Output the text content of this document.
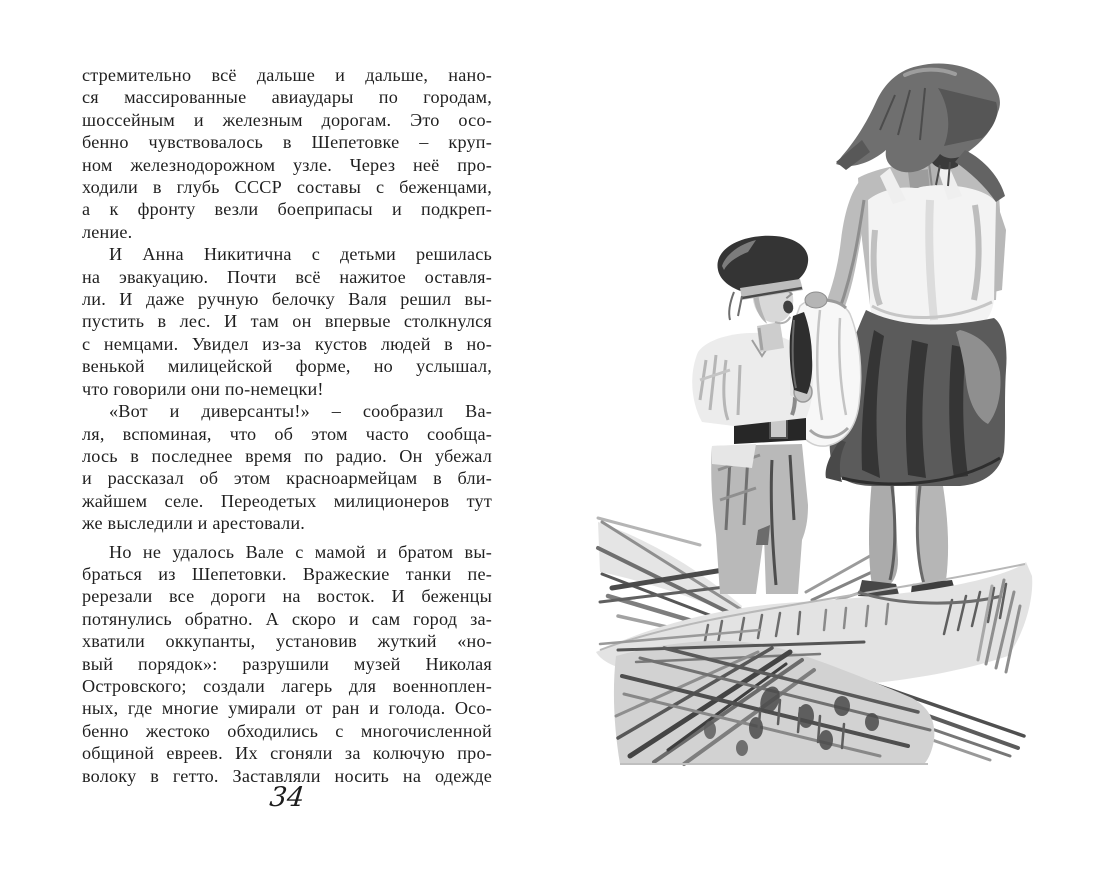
стремительно всё дальше и дальше, нано-
ся массированные авиаудары по городам,
шоссейным и железным дорогам. Это осо-
бенно чувствовалось в Шепетовке – круп-
ном железнодорожном узле. Через неё про-
ходили в глубь СССР составы с беженцами,
а к фронту везли боеприпасы и подкреп-
ление.
И Анна Никитична с детьми решилась
на эвакуацию. Почти всё нажитое оставля-
ли. И даже ручную белочку Валя решил вы-
пустить в лес. И там он впервые столкнулся
с немцами. Увидел из-за кустов людей в но-
венькой милицейской форме, но услышал,
что говорили они по-немецки!
«Вот и диверсанты!» – сообразил Ва-
ля, вспоминая, что об этом часто сообща-
лось в последнее время по радио. Он убежал
и рассказал об этом красноармейцам в бли-
жайшем селе. Переодетых милиционеров тут
же выследили и арестовали.
Но не удалось Вале с мамой и братом вы-
браться из Шепетовки. Вражеские танки пе-
ререзали все дороги на восток. И беженцы
потянулись обратно. А скоро и сам город за-
хватили оккупанты, установив жуткий «но-
вый порядок»: разрушили музей Николая
Островского; создали лагерь для военноплен-
ных, где многие умирали от ран и голода. Осо-
бенно жестоко обходились с многочисленной
общиной евреев. Их сгоняли за колючую про-
волоку в гетто. Заставляли носить на одежде
34
